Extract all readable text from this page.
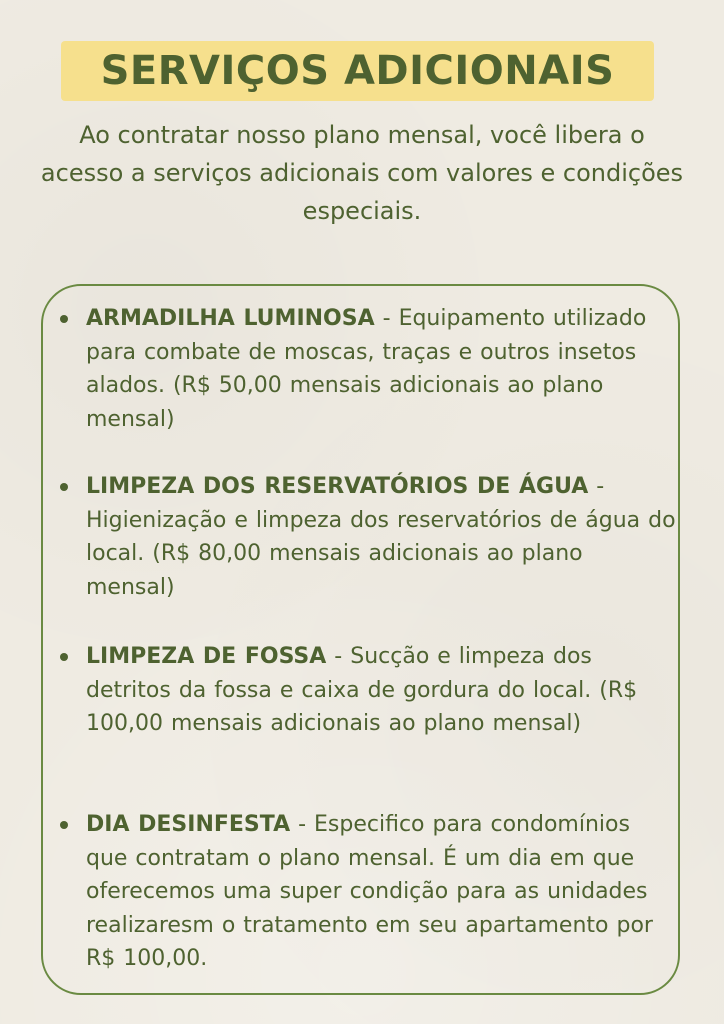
SERVIÇOS ADICIONAIS
Ao contratar nosso plano mensal, você libera o acesso a serviços adicionais com valores e condições especiais.
ARMADILHA LUMINOSA - Equipamento utilizado para combate de moscas, traças e outros insetos alados. (R$ 50,00 mensais adicionais ao plano mensal)
LIMPEZA DOS RESERVATÓRIOS DE ÁGUA - Higienização e limpeza dos reservatórios de água do local. (R$ 80,00 mensais adicionais ao plano mensal)
LIMPEZA DE FOSSA - Sucção e limpeza dos detritos da fossa e caixa de gordura do local. (R$ 100,00 mensais adicionais ao plano mensal)
DIA DESINFESTA - Especifico para condomínios que contratam o plano mensal. É um dia em que oferecemos uma super condição para as unidades realizaresm o tratamento em seu apartamento por R$ 100,00.
